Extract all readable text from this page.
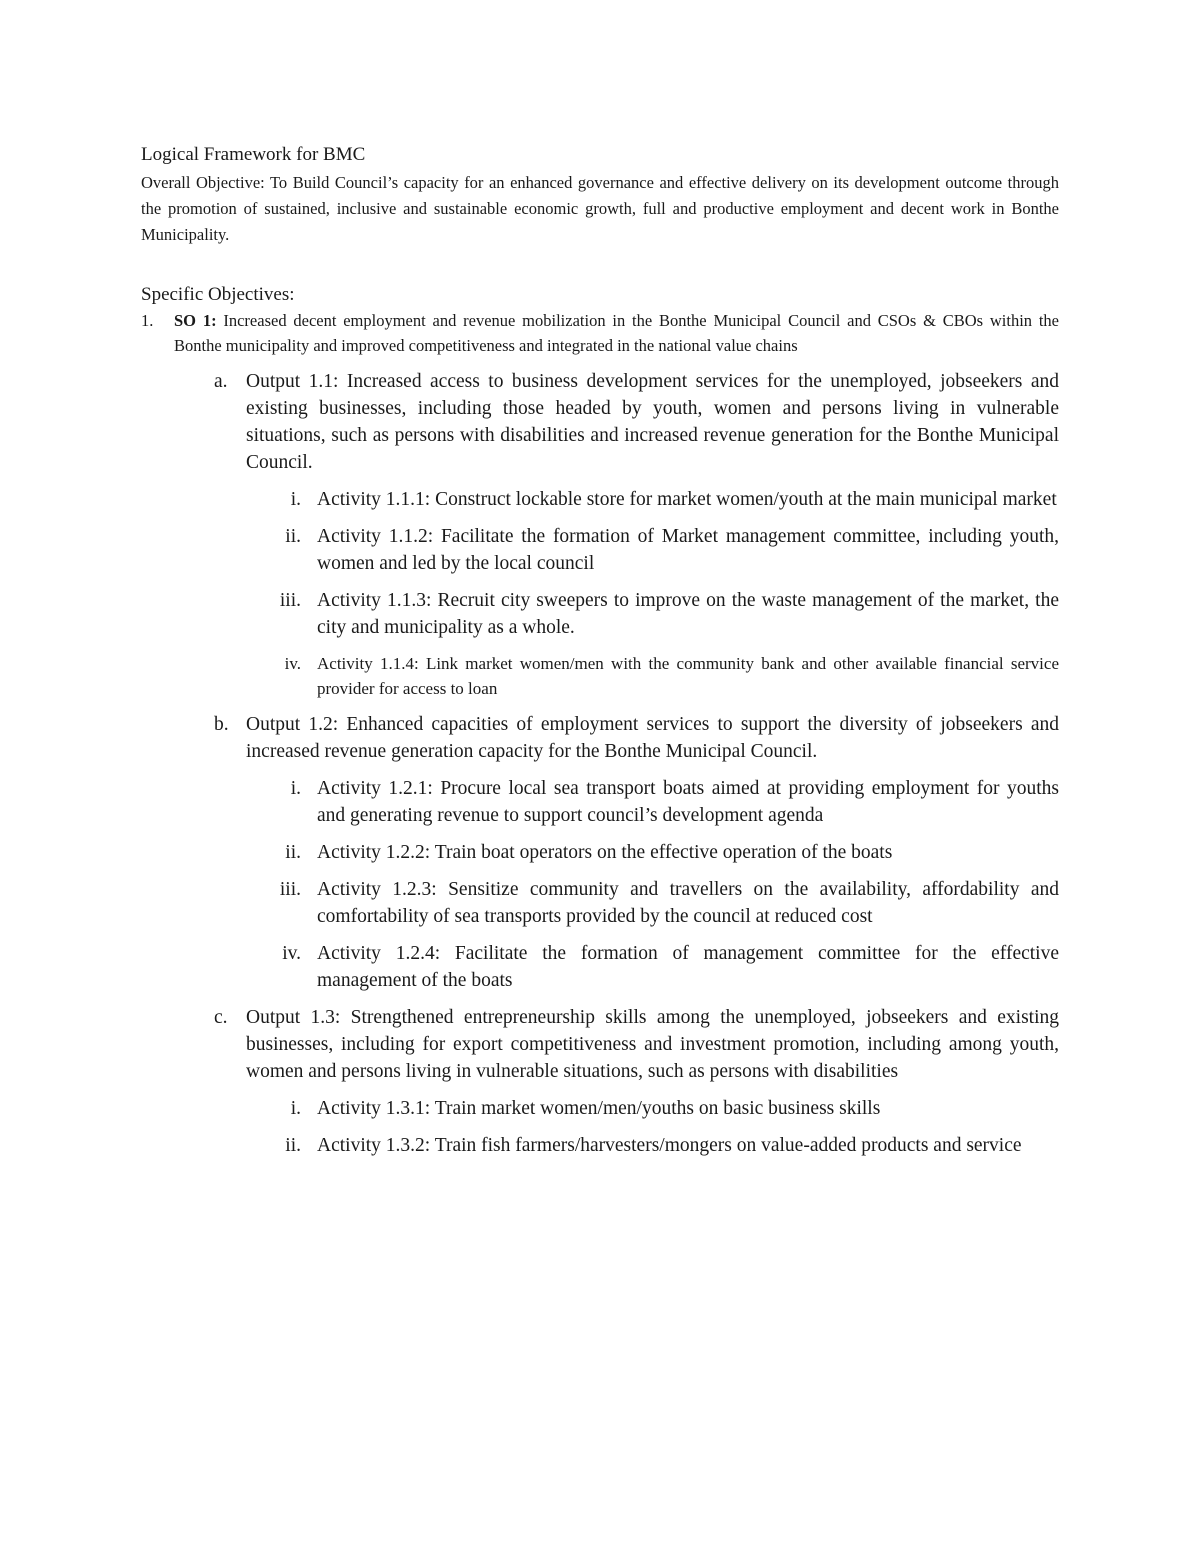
Logical Framework for BMC

Overall Objective: To Build Council’s capacity for an enhanced governance and effective delivery on its development outcome through the promotion of sustained, inclusive and sustainable economic growth, full and productive employment and decent work in Bonthe Municipality.

Specific Objectives:

1. SO 1: Increased decent employment and revenue mobilization in the Bonthe Municipal Council and CSOs & CBOs within the Bonthe municipality and improved competitiveness and integrated in the national value chains
a. Output 1.1: Increased access to business development services for the unemployed, jobseekers and existing businesses, including those headed by youth, women and persons living in vulnerable situations, such as persons with disabilities and increased revenue generation for the Bonthe Municipal Council.
i. Activity 1.1.1: Construct lockable store for market women/youth at the main municipal market
ii. Activity 1.1.2: Facilitate the formation of Market management committee, including youth, women and led by the local council
iii. Activity 1.1.3: Recruit city sweepers to improve on the waste management of the market, the city and municipality as a whole.
iv. Activity 1.1.4: Link market women/men with the community bank and other available financial service provider for access to loan
b. Output 1.2: Enhanced capacities of employment services to support the diversity of jobseekers and increased revenue generation capacity for the Bonthe Municipal Council.
i. Activity 1.2.1: Procure local sea transport boats aimed at providing employment for youths and generating revenue to support council’s development agenda
ii. Activity 1.2.2: Train boat operators on the effective operation of the boats
iii. Activity 1.2.3: Sensitize community and travellers on the availability, affordability and comfortability of sea transports provided by the council at reduced cost
iv. Activity 1.2.4: Facilitate the formation of management committee for the effective management of the boats
c. Output 1.3: Strengthened entrepreneurship skills among the unemployed, jobseekers and existing businesses, including for export competitiveness and investment promotion, including among youth, women and persons living in vulnerable situations, such as persons with disabilities
i. Activity 1.3.1: Train market women/men/youths on basic business skills
ii. Activity 1.3.2: Train fish farmers/harvesters/mongers on value-added products and service
